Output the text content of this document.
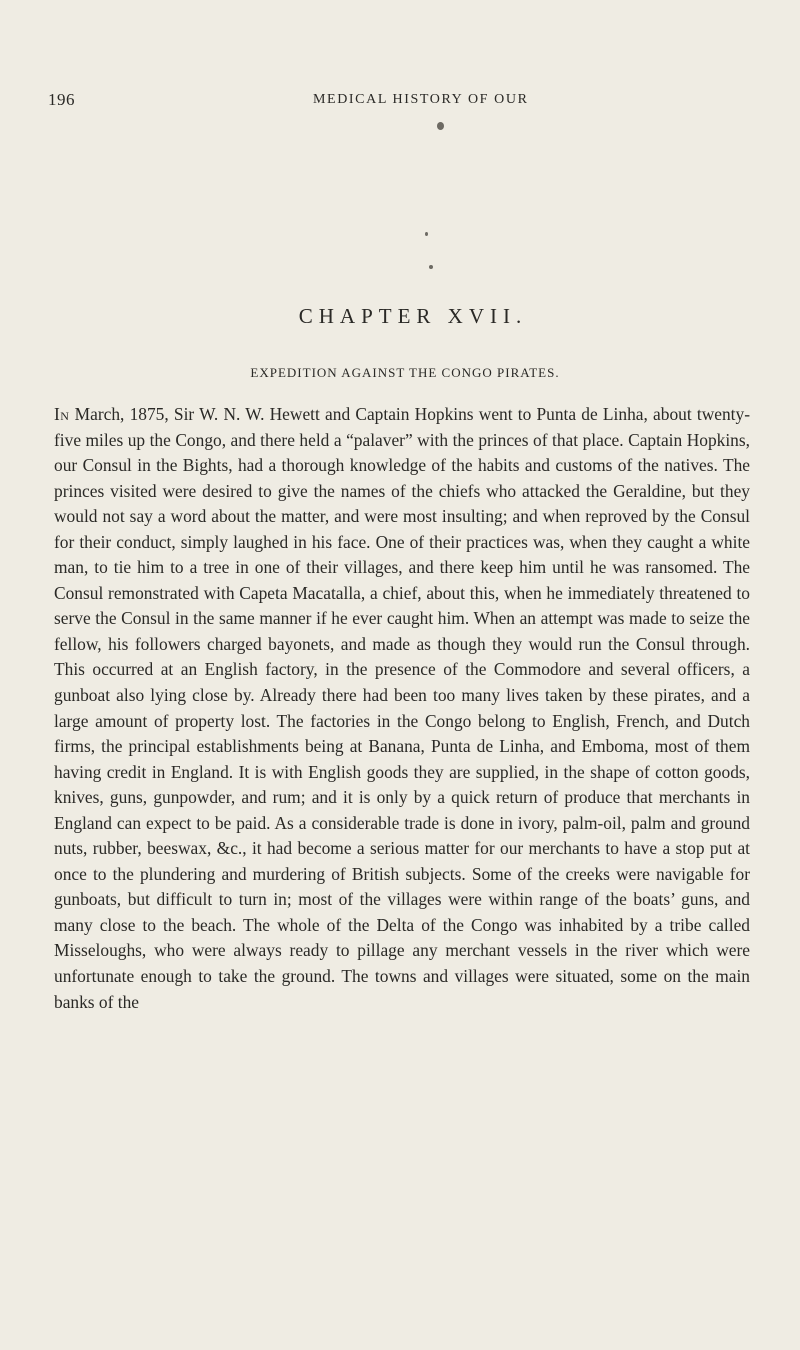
196	MEDICAL HISTORY OF OUR
CHAPTER XVII.
EXPEDITION AGAINST THE CONGO PIRATES.

In March, 1875, Sir W. N. W. Hewett and Captain Hopkins went to Punta de Linha, about twenty-five miles up the Congo, and there held a “palaver” with the princes of that place. Captain Hopkins, our Consul in the Bights, had a thorough knowledge of the habits and customs of the natives. The princes visited were desired to give the names of the chiefs who attacked the Geraldine, but they would not say a word about the matter, and were most insulting; and when reproved by the Consul for their conduct, simply laughed in his face. One of their practices was, when they caught a white man, to tie him to a tree in one of their villages, and there keep him until he was ransomed. The Consul remonstrated with Capeta Macatalla, a chief, about this, when he immediately threatened to serve the Consul in the same manner if he ever caught him. When an attempt was made to seize the fellow, his followers charged bayonets, and made as though they would run the Consul through. This occurred at an English factory, in the presence of the Commodore and several officers, a gunboat also lying close by. Already there had been too many lives taken by these pirates, and a large amount of property lost. The factories in the Congo belong to English, French, and Dutch firms, the principal establishments being at Banana, Punta de Linha, and Emboma, most of them having credit in England. It is with English goods they are supplied, in the shape of cotton goods, knives, guns, gunpowder, and rum; and it is only by a quick return of produce that merchants in England can expect to be paid. As a considerable trade is done in ivory, palm-oil, palm and ground nuts, rubber, beeswax, &c., it had become a serious matter for our merchants to have a stop put at once to the plundering and murdering of British subjects. Some of the creeks were navigable for gunboats, but difficult to turn in; most of the villages were within range of the boats’ guns, and many close to the beach. The whole of the Delta of the Congo was inhabited by a tribe called Misseloughs, who were always ready to pillage any merchant vessels in the river which were unfortunate enough to take the ground. The towns and villages were situated, some on the main banks of the
